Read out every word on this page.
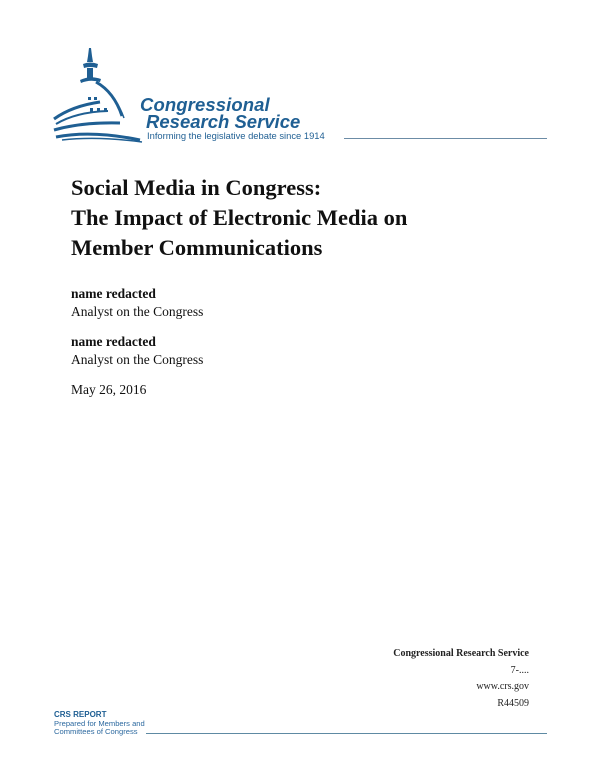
Congressional
Research Service
Informing the legislative debate since 1914
Social Media in Congress:
The Impact of Electronic Media on
Member Communications
name redacted
Analyst on the Congress
name redacted
Analyst on the Congress
May 26, 2016
Congressional Research Service
7-....
www.crs.gov
R44509
CRS REPORT
Prepared for Members and
Committees of Congress
